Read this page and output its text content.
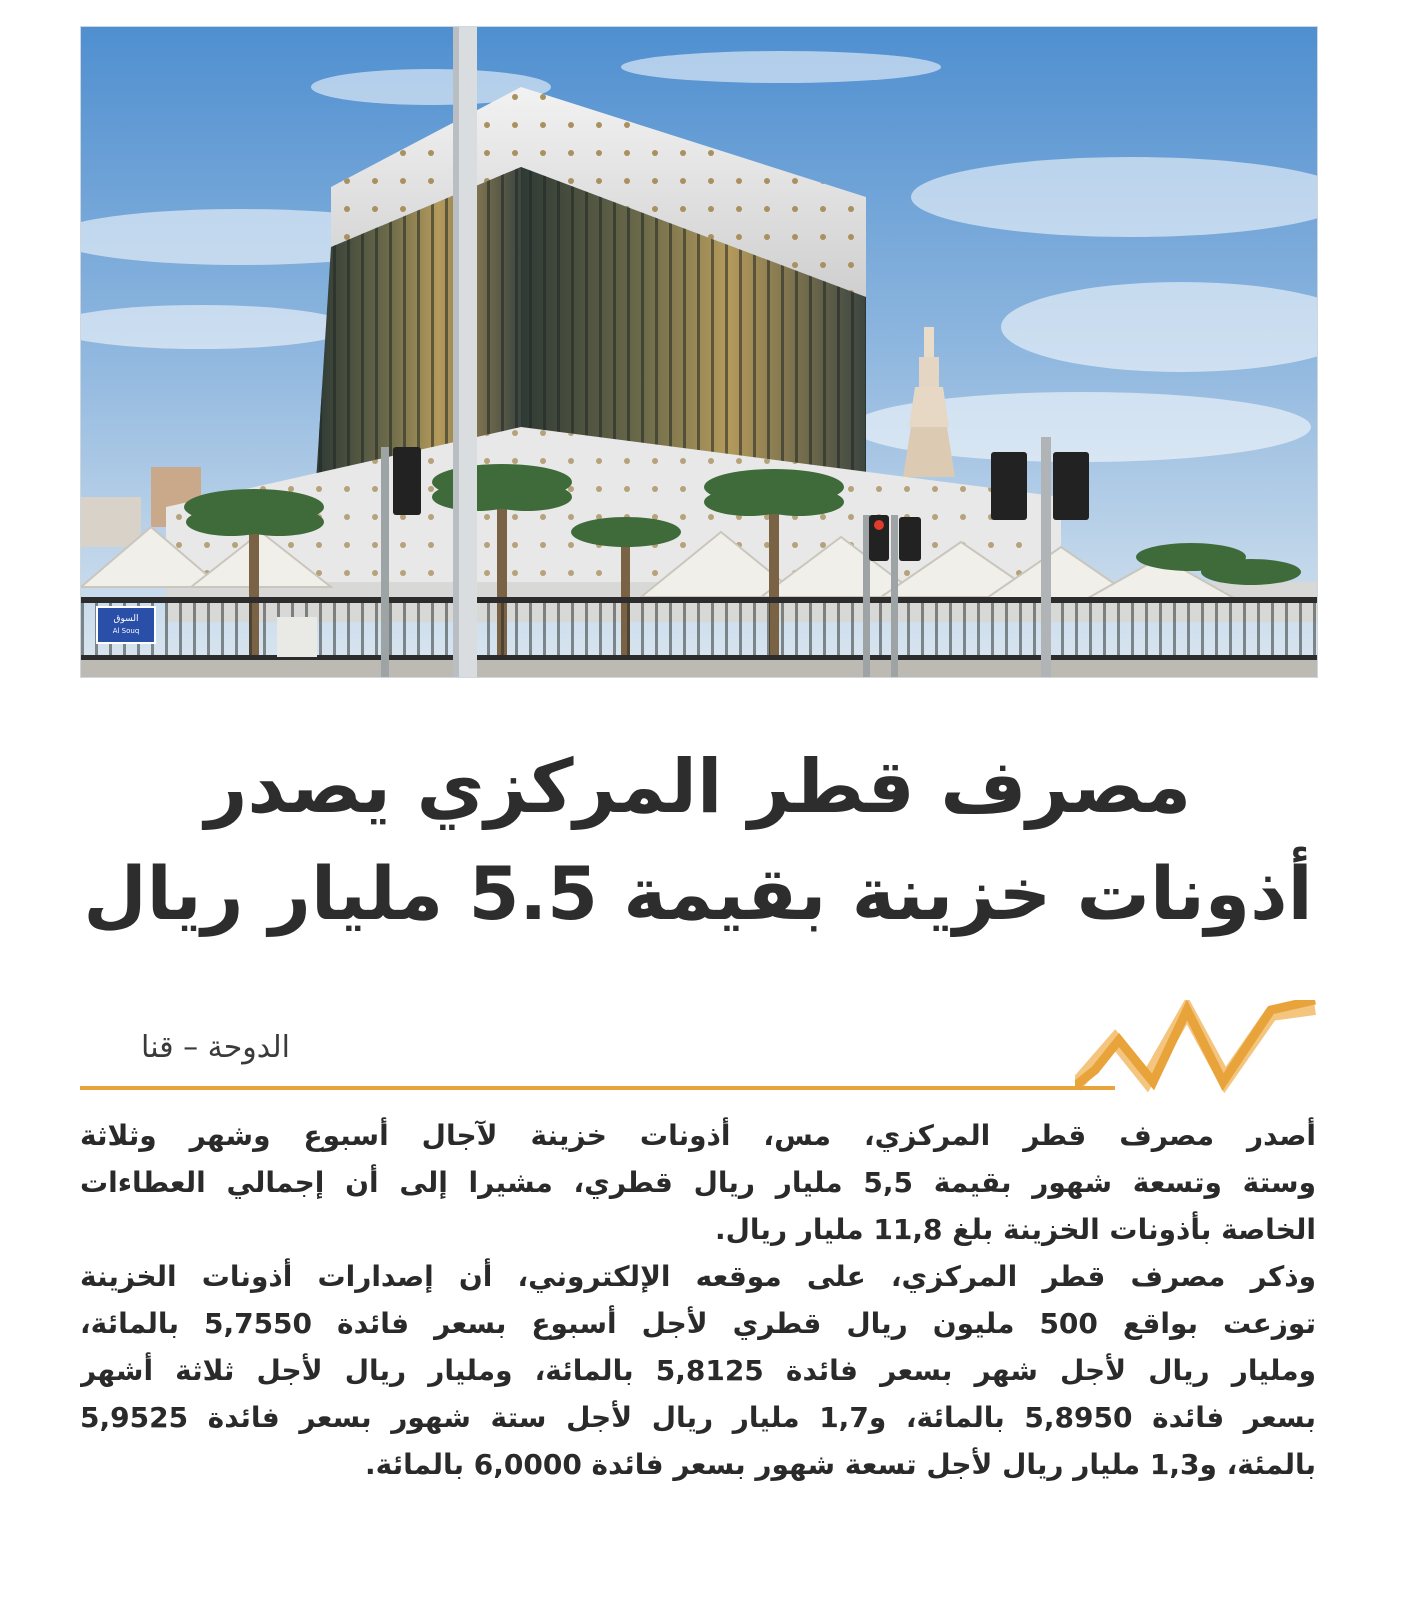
السوق
Al Souq
مصرف قطر المركزي يصدر
أذونات خزينة بقيمة 5.5 مليار ريال
الدوحة – قنا
أصدر مصرف قطر المركزي، مس، أذونات خزينة لآجال أسبوع وشهر وثلاثة
وستة وتسعة شهور بقيمة 5,5 مليار ريال قطري، مشيرا إلى أن إجمالي العطاءات
الخاصة بأذونات الخزينة بلغ 11,8 مليار ريال.
وذكر مصرف قطر المركزي، على موقعه الإلكتروني، أن إصدارات أذونات الخزينة
توزعت بواقع 500 مليون ريال قطري لأجل أسبوع بسعر فائدة 5,7550 بالمائة،
ومليار ريال لأجل شهر بسعر فائدة 5,8125 بالمائة، ومليار ريال لأجل ثلاثة أشهر
بسعر فائدة 5,8950 بالمائة، و1,7 مليار ريال لأجل ستة شهور بسعر فائدة 5,9525
بالمئة، و1,3 مليار ريال لأجل تسعة شهور بسعر فائدة 6,0000 بالمائة.
